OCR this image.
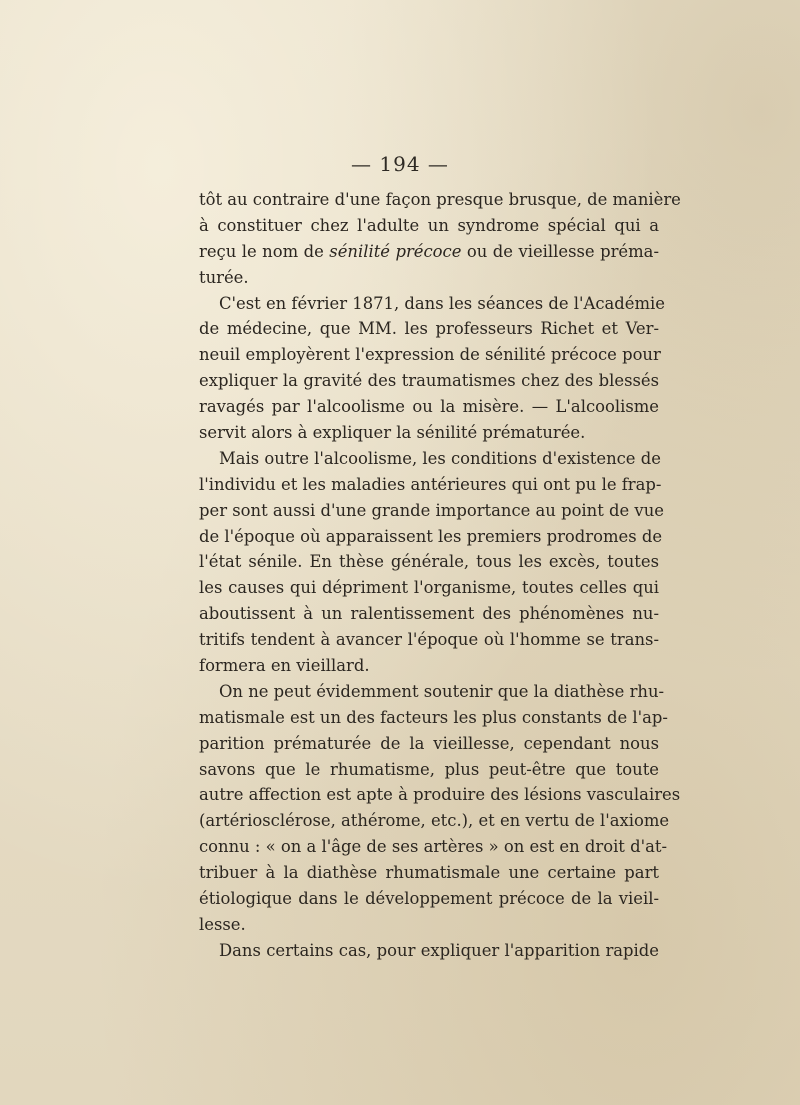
— 194 —
tôt au contraire d'une façon presque brusque, de manière
à constituer chez l'adulte un syndrome spécial qui a
reçu le nom de sénilité précoce ou de vieillesse préma-
turée.
C'est en février 1871, dans les séances de l'Académie
de médecine, que MM. les professeurs Richet et Ver-
neuil employèrent l'expression de sénilité précoce pour
expliquer la gravité des traumatismes chez des blessés
ravagés par l'alcoolisme ou la misère. — L'alcoolisme
servit alors à expliquer la sénilité prématurée.
Mais outre l'alcoolisme, les conditions d'existence de
l'individu et les maladies antérieures qui ont pu le frap-
per sont aussi d'une grande importance au point de vue
de l'époque où apparaissent les premiers prodromes de
l'état sénile. En thèse générale, tous les excès, toutes
les causes qui dépriment l'organisme, toutes celles qui
aboutissent à un ralentissement des phénomènes nu-
tritifs tendent à avancer l'époque où l'homme se trans-
formera en vieillard.
On ne peut évidemment soutenir que la diathèse rhu-
matismale est un des facteurs les plus constants de l'ap-
parition prématurée de la vieillesse, cependant nous
savons que le rhumatisme, plus peut-être que toute
autre affection est apte à produire des lésions vasculaires
(artériosclérose, athérome, etc.), et en vertu de l'axiome
connu : « on a l'âge de ses artères » on est en droit d'at-
tribuer à la diathèse rhumatismale une certaine part
étiologique dans le développement précoce de la vieil-
lesse.
Dans certains cas, pour expliquer l'apparition rapide
